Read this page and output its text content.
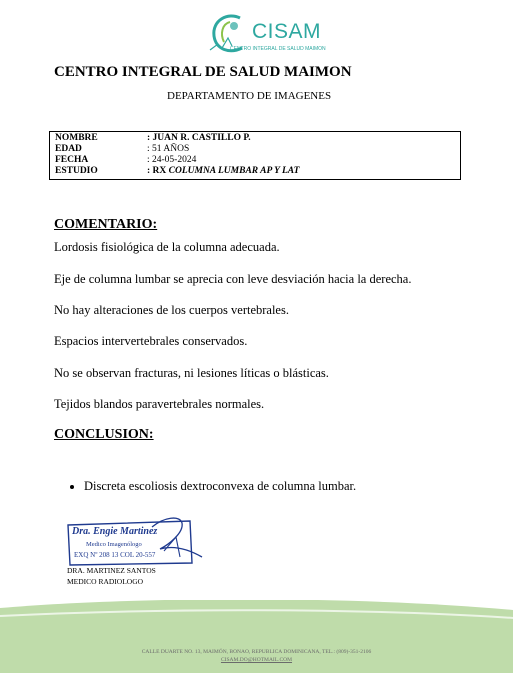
CISAM
CENTRO INTEGRAL DE SALUD MAIMON
CENTRO INTEGRAL DE SALUD MAIMON
DEPARTAMENTO DE IMAGENES
NOMBRE	: JUAN R. CASTILLO P.
EDAD	: 51 AÑOS
FECHA	: 24-05-2024
ESTUDIO	: RX COLUMNA LUMBAR AP Y LAT
COMENTARIO:
Lordosis fisiológica de la columna adecuada.
Eje de columna lumbar se aprecia con leve desviación hacia la derecha.
No hay alteraciones de los cuerpos vertebrales.
Espacios intervertebrales conservados.
No se observan fracturas, ni lesiones líticas o blásticas.
Tejidos blandos paravertebrales normales.
CONCLUSION:
Discreta escoliosis dextroconvexa de columna lumbar.
Dra. Engie Martinez
Medico Imagenólogo
EXQ Nº 208 13 COL 20-557
DRA. MARTINEZ SANTOS
MEDICO RADIOLOGO
CALLE DUARTE NO. 13, MAIMÓN, BONAO, REPUBLICA DOMINICANA, TEL.: (809)-351-2106
CISAM.DO@HOTMAIL.COM
